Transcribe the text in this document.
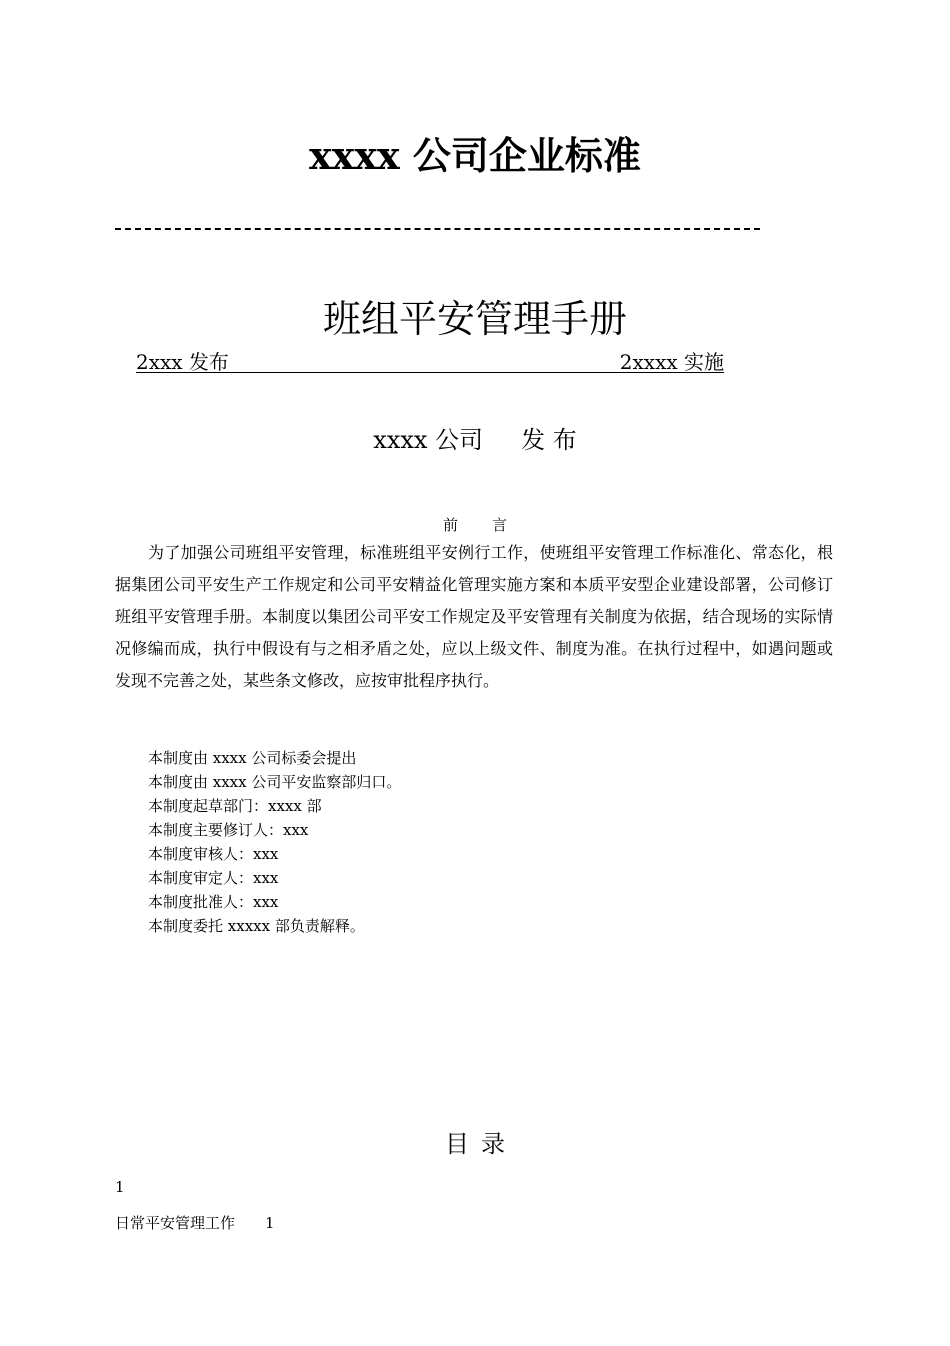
xxxx 公司企业标准
班组平安管理手册
2xxx 发布	2xxxx 实施
xxxx 公司 发 布
前 言
为了加强公司班组平安管理，标准班组平安例行工作，使班组平安管理工作标准化、常态化，根据集团公司平安生产工作规定和公司平安精益化管理实施方案和本质平安型企业建设部署，公司修订班组平安管理手册。本制度以集团公司平安工作规定及平安管理有关制度为依据，结合现场的实际情况修编而成，执行中假设有与之相矛盾之处，应以上级文件、制度为准。在执行过程中，如遇问题或发现不完善之处，某些条文修改，应按审批程序执行。
本制度由 xxxx 公司标委会提出
本制度由 xxxx 公司平安监察部归口。
本制度起草部门：xxxx 部
本制度主要修订人：xxx
本制度审核人：xxx
本制度审定人：xxx
本制度批准人：xxx
本制度委托 xxxxx 部负责解释。
目 录
1
日常平安管理工作 1
